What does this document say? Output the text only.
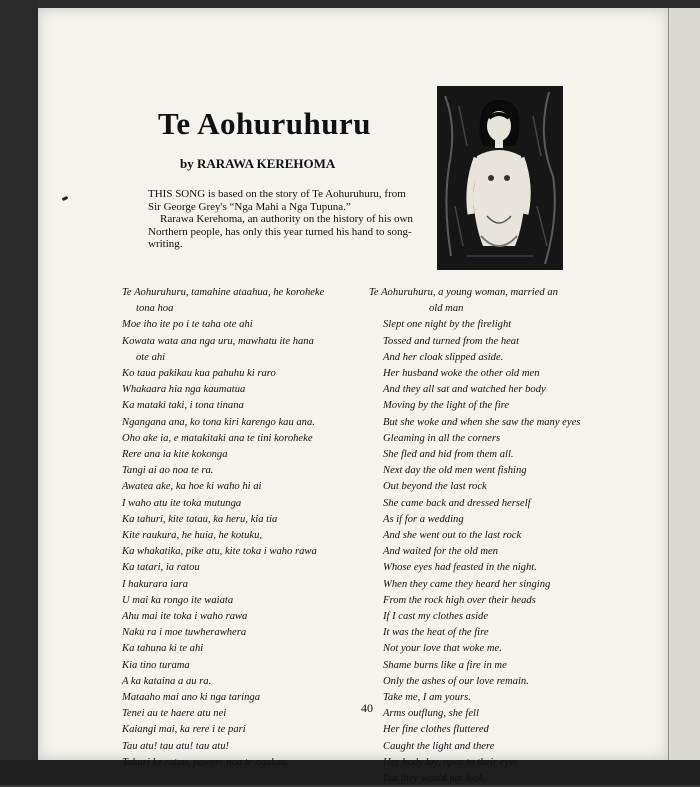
Te Aohuruhuru
by RARAWA KEREHOMA

THIS SONG is based on the story of Te Aohuruhuru, from Sir George Grey's “Nga Mahi a Nga Tupuna.”

Rarawa Kerehoma, an authority on the history of his own Northern people, has only this year turned his hand to song-writing.

Te Aohuruhuru, tamahine ataahua, he koroheke
tona hoa
Moe iho ite po i te taha ote ahi
Kowata wata ana nga uru, mawhatu ite hana
ote ahi
Ko taua pakikau kua pahuhu ki raro
Whakaara hia nga kaumatua
Ka mataki taki, i tona tinana
Ngangana ana, ko tona kiri karengo kau ana.
Oho ake ia, e matakitaki ana te tini koroheke
Rere ana ia kite kokonga
Tangi ai ao noa te ra.
Awatea ake, ka hoe ki waho hi ai
I waho atu ite toka mutunga
Ka tahuri, kite tatau, ka heru, kia tia
Kite raukura, he huia, he kotuku,
Ka whakatika, pike atu, kite toka i waho rawa
Ka tatari, ia ratou
I hakurara iara
U mai ka rongo ite waiata
Ahu mai ite toka i waho rawa
Naku ra i moe tuwherawhera
Ka tahuna ki te ahi
Kia tino turama
A ka kataina a au ra.
Mataaho mai ano ki nga taringa
Tenei au te haere atu nei
Kaiangi mai, ka rere i te pari
Tau atu! tau atu! tau atu!
Tahuri ke ratou, pawere noa te ngakau.
Te Aohuruhuru, a young woman, married an
old man
Slept one night by the firelight
Tossed and turned from the heat
And her cloak slipped aside.
Her husband woke the other old men
And they all sat and watched her body
Moving by the light of the fire
But she woke and when she saw the many eyes
Gleaming in all the corners
She fled and hid from them all.
Next day the old men went fishing
Out beyond the last rock
She came back and dressed herself
As if for a wedding
And she went out to the last rock
And waited for the old men
Whose eyes had feasted in the night.
When they came they heard her singing
From the rock high over their heads
If I cast my clothes aside
It was the heat of the fire
Not your love that woke me.
Shame burns like a fire in me
Only the ashes of our love remain.
Take me, I am yours.
Arms outflung, she fell
Her fine clothes fluttered
Caught the light and there
Her body lay, open to their eyes
But they would not look.
40
